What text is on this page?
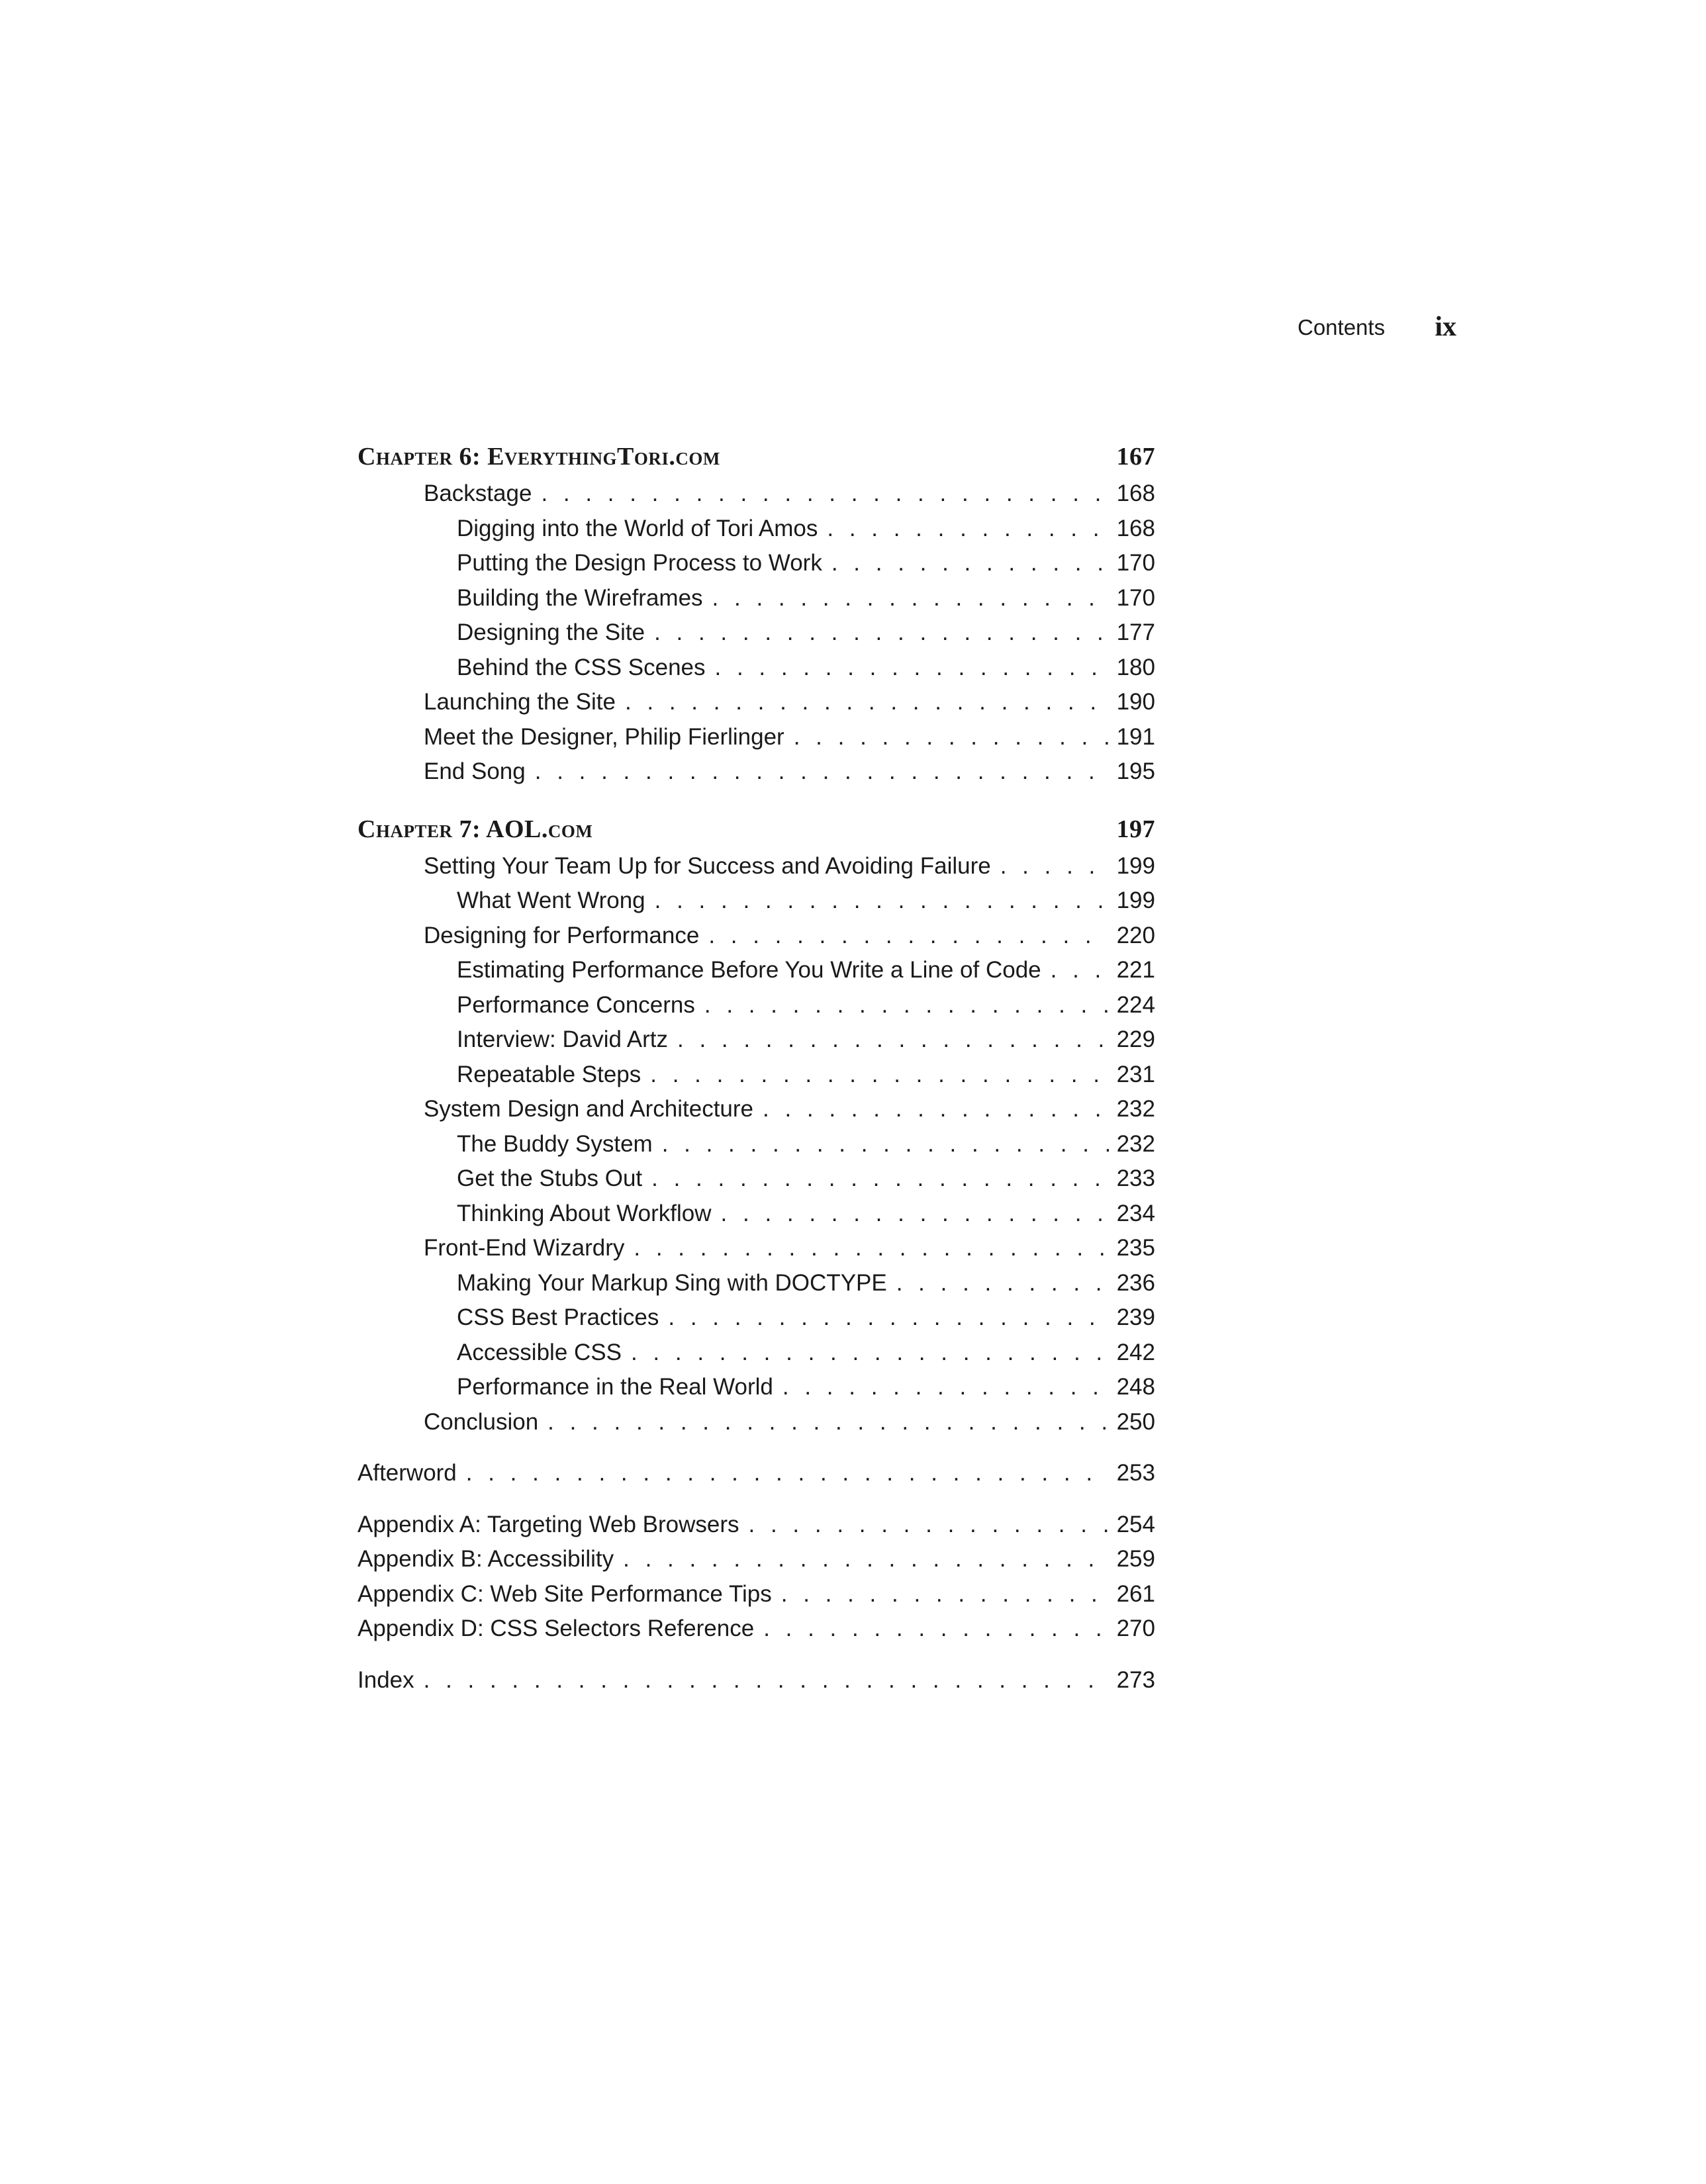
Contents ix
Chapter 6: EverythingTori.com	167
Backstage . . .	168
Digging into the World of Tori Amos . . .	168
Putting the Design Process to Work . . .	170
Building the Wireframes . . .	170
Designing the Site . . .	177
Behind the CSS Scenes . . .	180
Launching the Site . . .	190
Meet the Designer, Philip Fierlinger . . .	191
End Song . . .	195
Chapter 7: AOL.com	197
Setting Your Team Up for Success and Avoiding Failure . . .	199
What Went Wrong . . .	199
Designing for Performance . . .	220
Estimating Performance Before You Write a Line of Code . . .	221
Performance Concerns . . .	224
Interview: David Artz . . .	229
Repeatable Steps . . .	231
System Design and Architecture . . .	232
The Buddy System . . .	232
Get the Stubs Out . . .	233
Thinking About Workflow . . .	234
Front-End Wizardry . . .	235
Making Your Markup Sing with DOCTYPE . . .	236
CSS Best Practices . . .	239
Accessible CSS . . .	242
Performance in the Real World . . .	248
Conclusion . . .	250
Afterword . . .	253
Appendix A: Targeting Web Browsers . . .	254
Appendix B: Accessibility . . .	259
Appendix C: Web Site Performance Tips . . .	261
Appendix D: CSS Selectors Reference . . .	270
Index . . .	273
